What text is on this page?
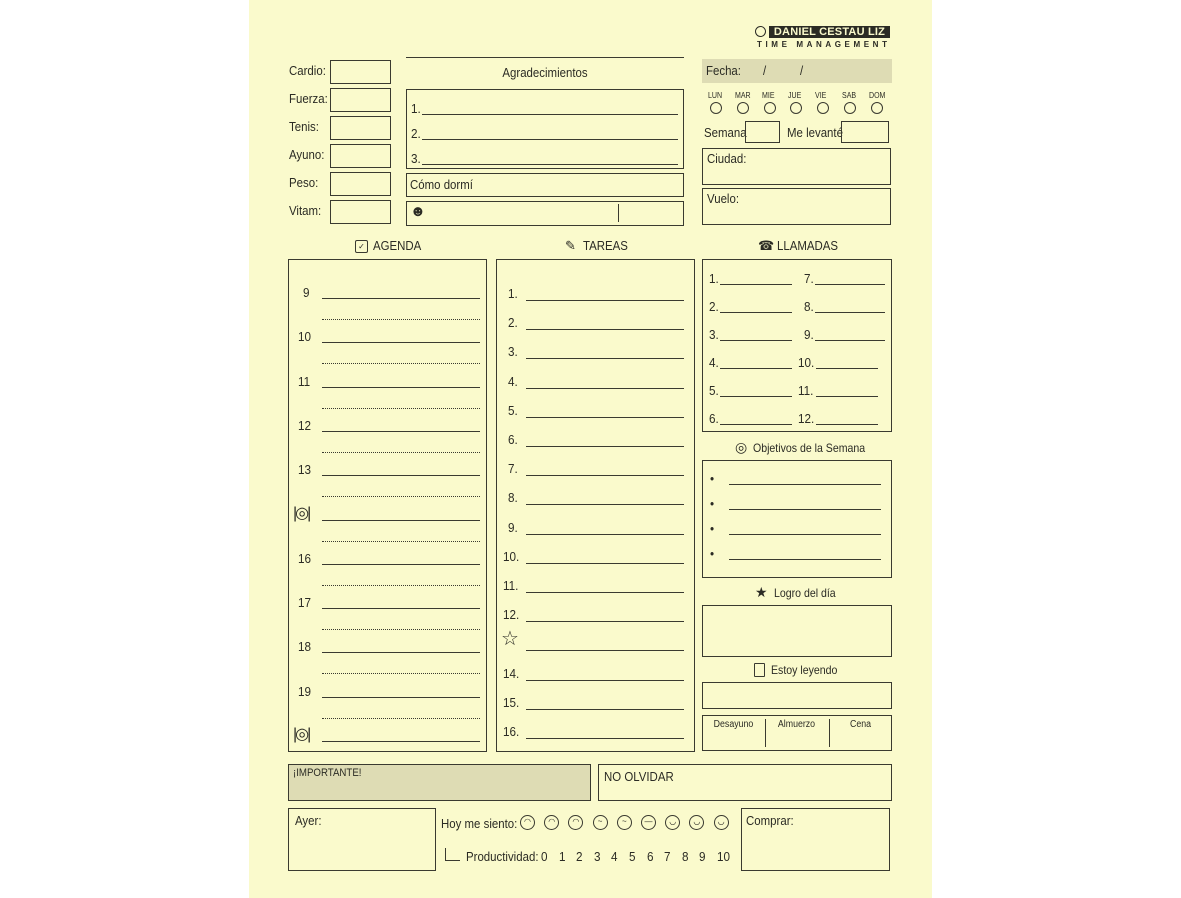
DANIEL CESTAU LIZ
TIME MANAGEMENT
Cardio:
Fuerza:
Tenis:
Ayuno:
Peso:
Vitam:
Agradecimientos
1.
2.
3.
Cómo dormí
☻
Fecha: /	/
LUN MAR MIE JUE VIE SAB DOM
Semana	Me levanté
Ciudad:
Vuelo:
✓ AGENDA	✎ TAREAS	☎ LLAMADAS
9
10
11
12
13
|◎|
16
17
18
19
|◎|
1.
2.
3.
4.
5.
6.
7.
8.
9.
10.
11.
12.
☆
14.
15.
16.
1.	7.
2.	8.
3.	9.
4.	10.
5.	11.
6.	12.
◎ Objetivos de la Semana
•
•
•
•
★ Logro del día
Estoy leyendo
Desayuno	Almuerzo	Cena
¡IMPORTANTE!	NO OLVIDAR
Ayer:	Hoy me siento: ◠	◠	◠	~	~	—	◡	◡	◡
Productividad: 0 1 2 3 4 5 6 7 8 9 10
Comprar:
